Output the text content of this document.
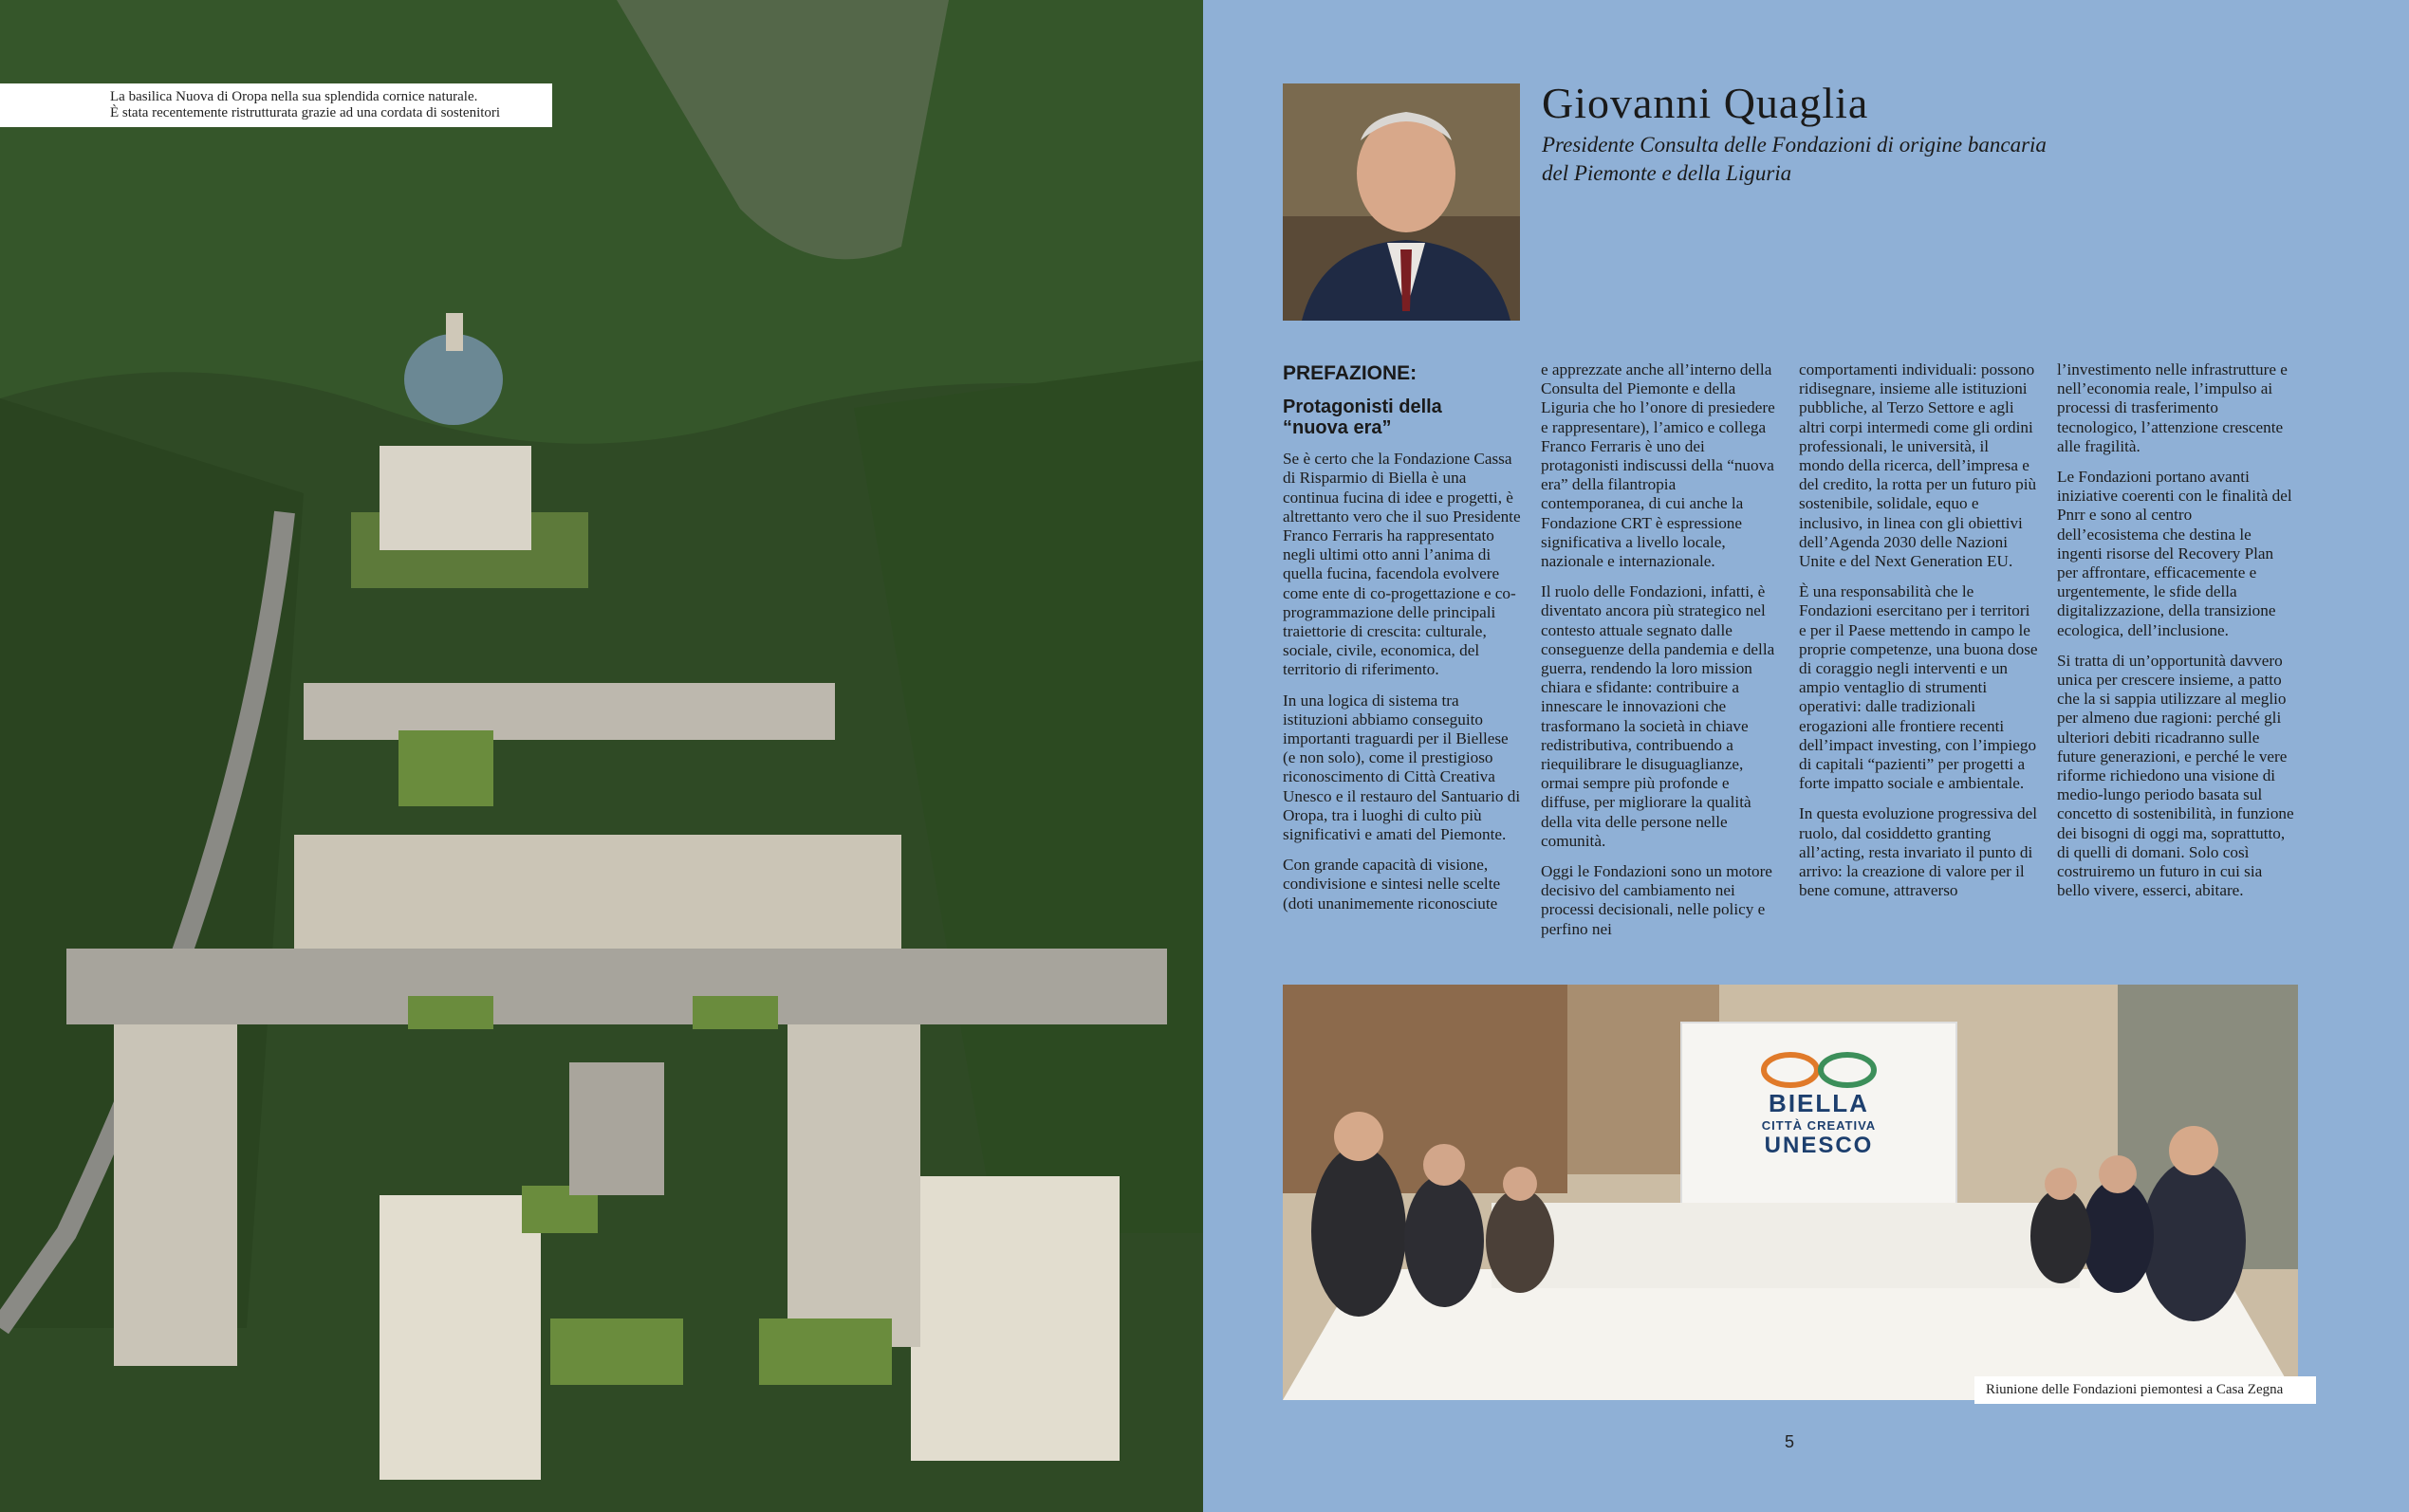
La basilica Nuova di Oropa nella sua splendida cornice naturale.
È stata recentemente ristrutturata grazie ad una cordata di sostenitori	Giovanni Quaglia
Presidente Consulta delle Fondazioni di origine bancaria
del Piemonte e della Liguria
PREFAZIONE:
Protagonisti della
“nuova era”

Se è certo che la Fondazione Cassa di Risparmio di Biella è una continua fucina di idee e progetti, è altrettanto vero che il suo Presidente Franco Ferraris ha rappresentato negli ultimi otto anni l’anima di quella fucina, facendola evolvere come ente di co-progettazione e co-programmazione delle principali traiettorie di crescita: culturale, sociale, civile, economica, del territorio di riferimento.

In una logica di sistema tra istituzioni abbiamo conseguito importanti traguardi per il Biellese (e non solo), come il prestigioso riconoscimento di Città Creativa Unesco e il restauro del Santuario di Oropa, tra i luoghi di culto più significativi e amati del Piemonte.

Con grande capacità di visione, condivisione e sintesi nelle scelte (doti unanimemente riconosciute

e apprezzate anche all’interno della Consulta del Piemonte e della Liguria che ho l’onore di presiedere e rappresentare), l’amico e collega Franco Ferraris è uno dei protagonisti indiscussi della “nuova era” della filantropia contemporanea, di cui anche la Fondazione CRT è espressione significativa a livello locale, nazionale e internazionale.

Il ruolo delle Fondazioni, infatti, è diventato ancora più strategico nel contesto attuale segnato dalle conseguenze della pandemia e della guerra, rendendo la loro mission chiara e sfidante: contribuire a innescare le innovazioni che trasformano la società in chiave redistributiva, contribuendo a riequilibrare le disuguaglianze, ormai sempre più profonde e diffuse, per migliorare la qualità della vita delle persone nelle comunità.

Oggi le Fondazioni sono un motore decisivo del cambiamento nei processi decisionali, nelle policy e perfino nei

comportamenti individuali: possono ridisegnare, insieme alle istituzioni pubbliche, al Terzo Settore e agli altri corpi intermedi come gli ordini professionali, le università, il mondo della ricerca, dell’impresa e del credito, la rotta per un futuro più sostenibile, solidale, equo e inclusivo, in linea con gli obiettivi dell’Agenda 2030 delle Nazioni Unite e del Next Generation EU.

È una responsabilità che le Fondazioni esercitano per i territori e per il Paese mettendo in campo le proprie competenze, una buona dose di coraggio negli interventi e un ampio ventaglio di strumenti operativi: dalle tradizionali erogazioni alle frontiere recenti dell’impact investing, con l’impiego di capitali “pazienti” per progetti a forte impatto sociale e ambientale.

In questa evoluzione progressiva del ruolo, dal cosiddetto granting all’acting, resta invariato il punto di arrivo: la creazione di valore per il bene comune, attraverso

l’investimento nelle infrastrutture e nell’economia reale, l’impulso ai processi di trasferimento tecnologico, l’attenzione crescente alle fragilità.

Le Fondazioni portano avanti iniziative coerenti con le finalità del Pnrr e sono al centro dell’ecosistema che destina le ingenti risorse del Recovery Plan per affrontare, efficacemente e urgentemente, le sfide della digitalizzazione, della transizione ecologica, dell’inclusione.

Si tratta di un’opportunità davvero unica per crescere insieme, a patto che la si sappia utilizzare al meglio per almeno due ragioni: perché gli ulteriori debiti ricadranno sulle future generazioni, e perché le vere riforme richiedono una visione di medio-lungo periodo basata sul concetto di sostenibilità, in funzione dei bisogni di oggi ma, soprattutto, di quelli di domani. Solo così costruiremo un futuro in cui sia bello vivere, esserci, abitare.

BIELLA
CITTÀ CREATIVA
UNESCO
Riunione delle Fondazioni piemontesi a Casa Zegna
5
